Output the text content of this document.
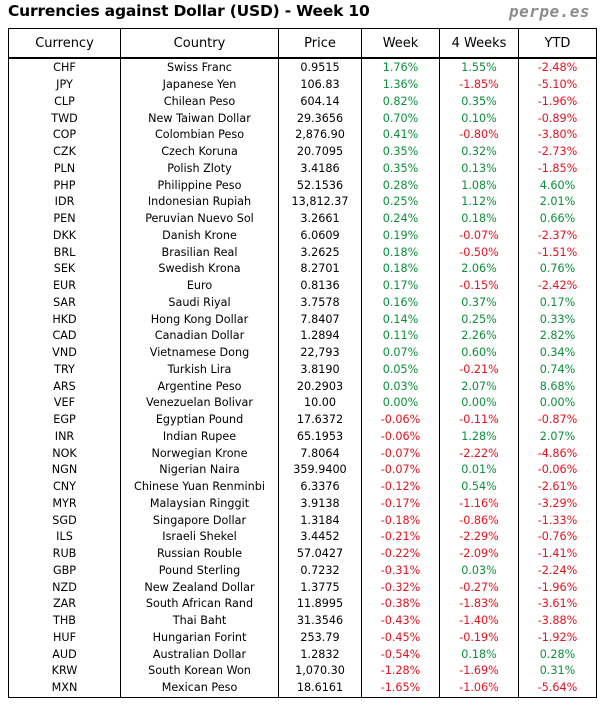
Currencies against Dollar (USD) - Week 10	perpe.es
Currency	Country	Price	Week	4 Weeks	YTD
CHF	Swiss Franc	0.9515	1.76%	1.55%	-2.48%
JPY	Japanese Yen	106.83	1.36%	-1.85%	-5.10%
CLP	Chilean Peso	604.14	0.82%	0.35%	-1.96%
TWD	New Taiwan Dollar	29.3656	0.70%	0.10%	-0.89%
COP	Colombian Peso	2,876.90	0.41%	-0.80%	-3.80%
CZK	Czech Koruna	20.7095	0.35%	0.32%	-2.73%
PLN	Polish Zloty	3.4186	0.35%	0.13%	-1.85%
PHP	Philippine Peso	52.1536	0.28%	1.08%	4.60%
IDR	Indonesian Rupiah	13,812.37	0.25%	1.12%	2.01%
PEN	Peruvian Nuevo Sol	3.2661	0.24%	0.18%	0.66%
DKK	Danish Krone	6.0609	0.19%	-0.07%	-2.37%
BRL	Brasilian Real	3.2625	0.18%	-0.50%	-1.51%
SEK	Swedish Krona	8.2701	0.18%	2.06%	0.76%
EUR	Euro	0.8136	0.17%	-0.15%	-2.42%
SAR	Saudi Riyal	3.7578	0.16%	0.37%	0.17%
HKD	Hong Kong Dollar	7.8407	0.14%	0.25%	0.33%
CAD	Canadian Dollar	1.2894	0.11%	2.26%	2.82%
VND	Vietnamese Dong	22,793	0.07%	0.60%	0.34%
TRY	Turkish Lira	3.8190	0.05%	-0.21%	0.74%
ARS	Argentine Peso	20.2903	0.03%	2.07%	8.68%
VEF	Venezuelan Bolivar	10.00	0.00%	0.00%	0.00%
EGP	Egyptian Pound	17.6372	-0.06%	-0.11%	-0.87%
INR	Indian Rupee	65.1953	-0.06%	1.28%	2.07%
NOK	Norwegian Krone	7.8064	-0.07%	-2.22%	-4.86%
NGN	Nigerian Naira	359.9400	-0.07%	0.01%	-0.06%
CNY	Chinese Yuan Renminbi	6.3376	-0.12%	0.54%	-2.61%
MYR	Malaysian Ringgit	3.9138	-0.17%	-1.16%	-3.29%
SGD	Singapore Dollar	1.3184	-0.18%	-0.86%	-1.33%
ILS	Israeli Shekel	3.4452	-0.21%	-2.29%	-0.76%
RUB	Russian Rouble	57.0427	-0.22%	-2.09%	-1.41%
GBP	Pound Sterling	0.7232	-0.31%	0.03%	-2.24%
NZD	New Zealand Dollar	1.3775	-0.32%	-0.27%	-1.96%
ZAR	South African Rand	11.8995	-0.38%	-1.83%	-3.61%
THB	Thai Baht	31.3546	-0.43%	-1.40%	-3.88%
HUF	Hungarian Forint	253.79	-0.45%	-0.19%	-1.92%
AUD	Australian Dollar	1.2832	-0.54%	0.18%	0.28%
KRW	South Korean Won	1,070.30	-1.28%	-1.69%	0.31%
MXN	Mexican Peso	18.6161	-1.65%	-1.06%	-5.64%
